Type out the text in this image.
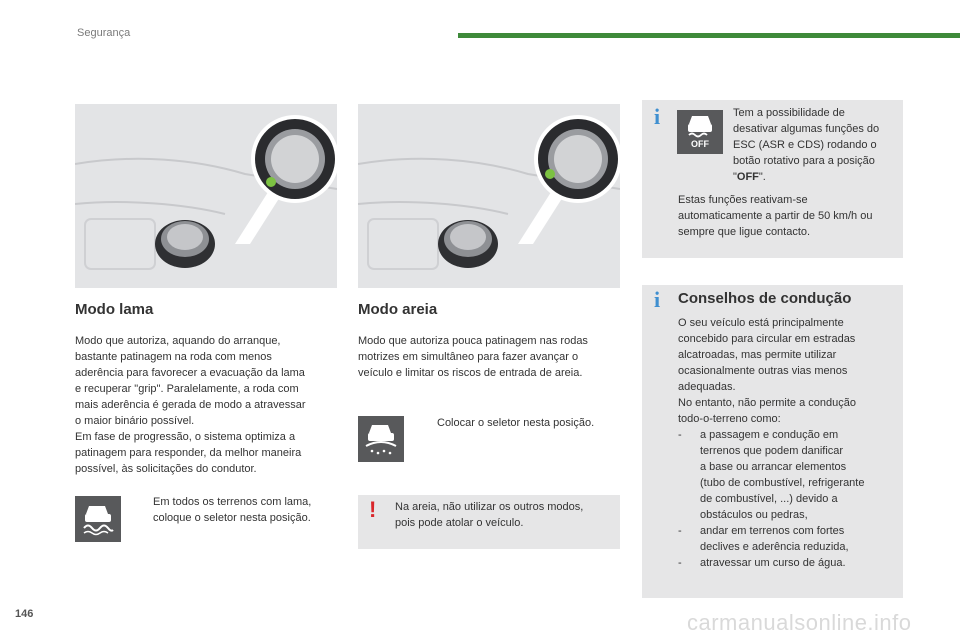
Segurança
i
OFF

Tem a possibilidade de

desativar algumas funções do

ESC (ASR e CDS) rodando o

botão rotativo para a posição

"OFF".

Estas funções reativam-se

automaticamente a partir de 50 km/h ou

sempre que ligue contacto.

i Conselhos de condução

O seu veículo está principalmente

concebido para circular em estradas

alcatroadas, mas permite utilizar

ocasionalmente outras vias menos

adequadas.

No entanto, não permite a condução

todo-o-terreno como:

- a passagem e condução em

terrenos que podem danificar

a base ou arrancar elementos

(tubo de combustível, refrigerante

de combustível, ...) devido a

obstáculos ou pedras,

- andar em terrenos com fortes

declives e aderência reduzida,

- atravessar um curso de água.

Modo lama

Modo que autoriza, aquando do arranque,

bastante patinagem na roda com menos

aderência para favorecer a evacuação da lama

e recuperar "grip". Paralelamente, a roda com

mais aderência é gerada de modo a atravessar

o maior binário possível.

Em fase de progressão, o sistema optimiza a

patinagem para responder, da melhor maneira

possível, às solicitações do condutor.

Em todos os terrenos com lama,

coloque o seletor nesta posição.

Modo areia

Modo que autoriza pouca patinagem nas rodas

motrizes em simultâneo para fazer avançar o

veículo e limitar os riscos de entrada de areia.

Colocar o seletor nesta posição.
! Na areia, não utilizar os outros modos,

pois pode atolar o veículo.

146	carmanualsonline.info
